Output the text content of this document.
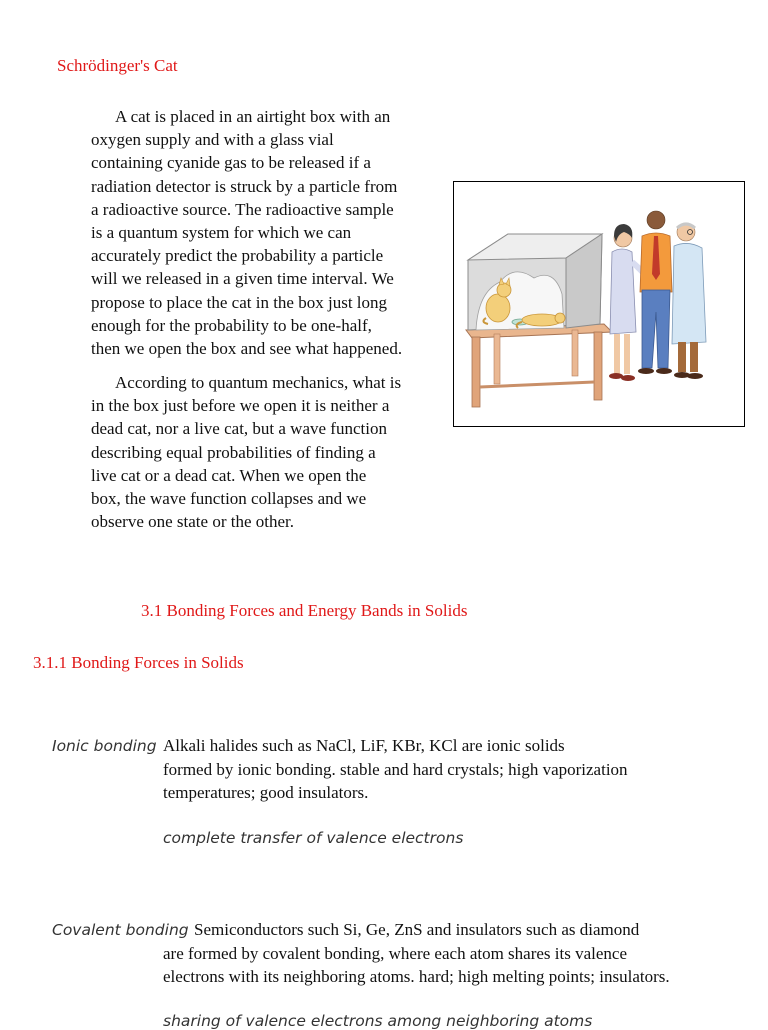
Schrödinger's Cat
A cat is placed in an airtight box with an
oxygen supply and with a glass vial
containing cyanide gas to be released if a
radiation detector is struck by a particle from
a radioactive source. The radioactive sample
is a quantum system for which we can
accurately predict the probability a particle
will we released in a given time interval. We
propose to place the cat in the box just long
enough for the probability to be one-half,
then we open the box and see what happened.
According to quantum mechanics, what is
in the box just before we open it is neither a
dead cat, nor a live cat, but a wave function
describing equal probabilities of finding a
live cat or a dead cat. When we open the
box, the wave function collapses and we
observe one state or the other.
3.1 Bonding Forces and Energy Bands in Solids
3.1.1 Bonding Forces in Solids
Ionic bonding Alkali halides such as NaCl, LiF, KBr, KCl are ionic solids
formed by ionic bonding. stable and hard crystals; high vaporization
temperatures; good insulators.
complete transfer of valence electrons
Covalent bonding Semiconductors such Si, Ge, ZnS and insulators such as diamond
are formed by covalent bonding, where each atom shares its valence
electrons with its neighboring atoms. hard; high melting points; insulators.
sharing of valence electrons among neighboring atoms
